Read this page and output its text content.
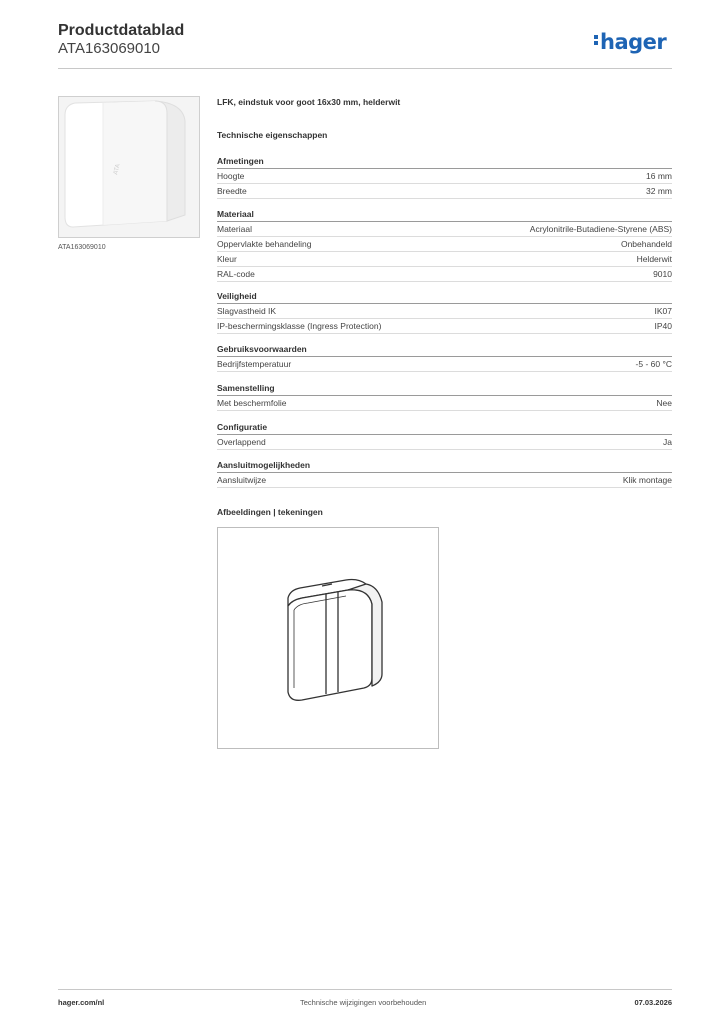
Productdatablad
ATA163069010	hager
ATA
ATA163069010
LFK, eindstuk voor goot 16x30 mm, helderwit
Technische eigenschappen
Afmetingen
Hoogte	16 mm
Breedte	32 mm
Materiaal
Materiaal	Acrylonitrile-Butadiene-Styrene (ABS)
Oppervlakte behandeling	Onbehandeld
Kleur	Helderwit
RAL-code	9010
Veiligheid
Slagvastheid IK	IK07
IP-beschermingsklasse (Ingress Protection)	IP40
Gebruiksvoorwaarden
Bedrijfstemperatuur	-5 - 60 °C
Samenstelling
Met beschermfolie	Nee
Configuratie
Overlappend	Ja
Aansluitmogelijkheden
Aansluitwijze	Klik montage
Afbeeldingen | tekeningen
hager.com/nl	Technische wijzigingen voorbehouden	07.03.2026
